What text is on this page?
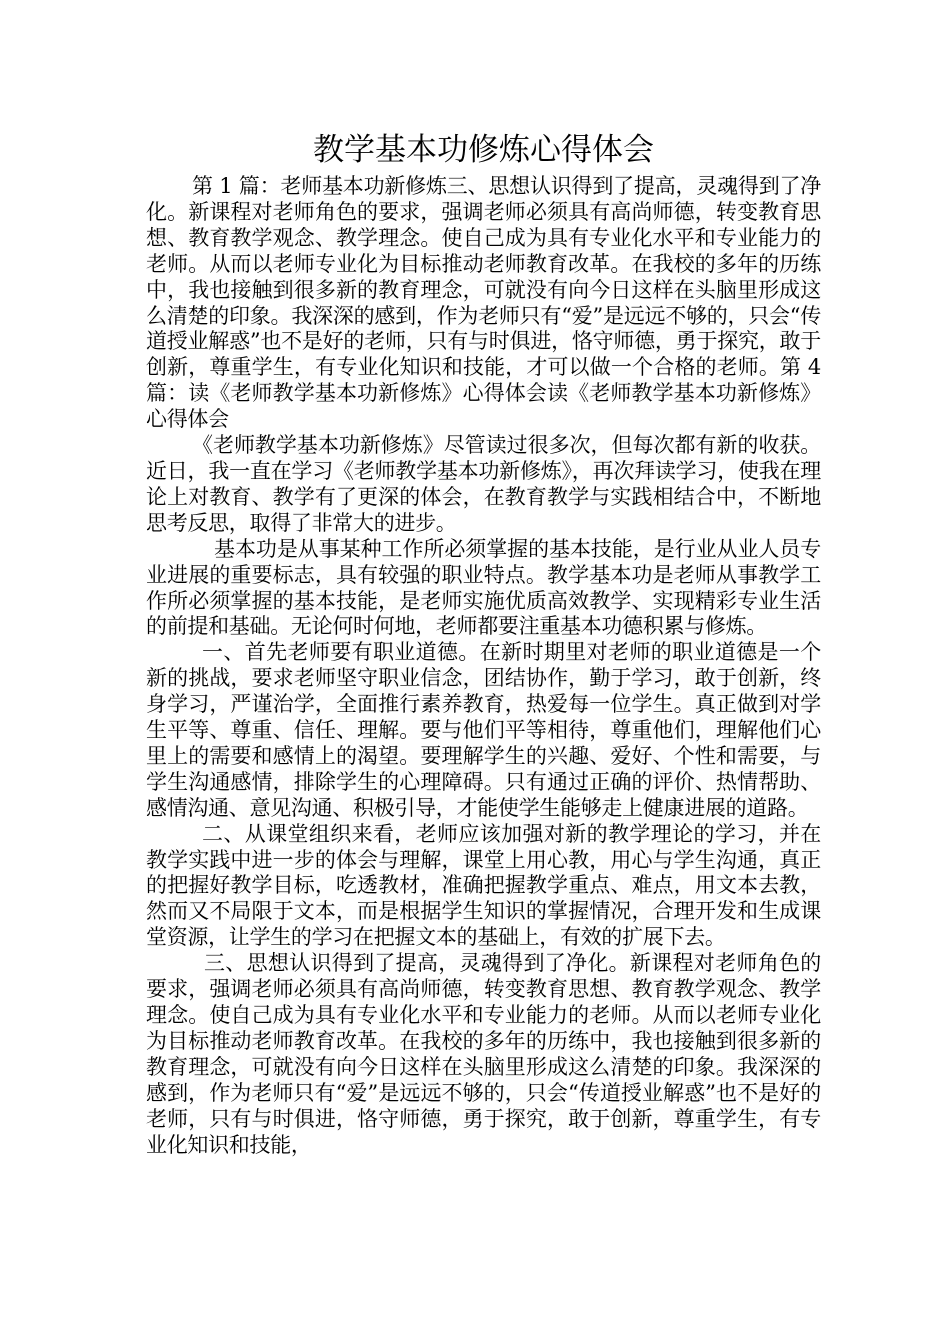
教学基本功修炼心得体会

第 1 篇：老师基本功新修炼三、思想认识得到了提高，灵魂得到了净化。新课程对老师角色的要求，强调老师必须具有高尚师德，转变教育思想、教育教学观念、教学理念。使自己成为具有专业化水平和专业能力的老师。从而以老师专业化为目标推动老师教育改革。在我校的多年的历练中，我也接触到很多新的教育理念，可就没有向今日这样在头脑里形成这么清楚的印象。我深深的感到，作为老师只有“爱”是远远不够的，只会“传道授业解惑”也不是好的老师，只有与时俱进，恪守师德，勇于探究，敢于创新，尊重学生，有专业化知识和技能，才可以做一个合格的老师。第 4 篇：读《老师教学基本功新修炼》心得体会读《老师教学基本功新修炼》心得体会

《老师教学基本功新修炼》尽管读过很多次，但每次都有新的收获。近日，我一直在学习《老师教学基本功新修炼》，再次拜读学习，使我在理论上对教育、教学有了更深的体会，在教育教学与实践相结合中，不断地思考反思，取得了非常大的进步。

基本功是从事某种工作所必须掌握的基本技能，是行业从业人员专业进展的重要标志，具有较强的职业特点。教学基本功是老师从事教学工作所必须掌握的基本技能，是老师实施优质高效教学、实现精彩专业生活的前提和基础。无论何时何地，老师都要注重基本功德积累与修炼。

一、首先老师要有职业道德。在新时期里对老师的职业道德是一个新的挑战，要求老师坚守职业信念，团结协作，勤于学习，敢于创新，终身学习，严谨治学，全面推行素养教育，热爱每一位学生。真正做到对学生平等、尊重、信任、理解。要与他们平等相待，尊重他们，理解他们心里上的需要和感情上的渴望。要理解学生的兴趣、爱好、个性和需要，与学生沟通感情，排除学生的心理障碍。只有通过正确的评价、热情帮助、感情沟通、意见沟通、积极引导，才能使学生能够走上健康进展的道路。

二、从课堂组织来看，老师应该加强对新的教学理论的学习，并在教学实践中进一步的体会与理解，课堂上用心教，用心与学生沟通，真正的把握好教学目标，吃透教材，准确把握教学重点、难点，用文本去教，然而又不局限于文本，而是根据学生知识的掌握情况，合理开发和生成课堂资源，让学生的学习在把握文本的基础上，有效的扩展下去。

三、思想认识得到了提高，灵魂得到了净化。新课程对老师角色的要求，强调老师必须具有高尚师德，转变教育思想、教育教学观念、教学理念。使自己成为具有专业化水平和专业能力的老师。从而以老师专业化为目标推动老师教育改革。在我校的多年的历练中，我也接触到很多新的教育理念，可就没有向今日这样在头脑里形成这么清楚的印象。我深深的感到，作为老师只有“爱”是远远不够的，只会“传道授业解惑”也不是好的老师，只有与时俱进，恪守师德，勇于探究，敢于创新，尊重学生，有专业化知识和技能，
